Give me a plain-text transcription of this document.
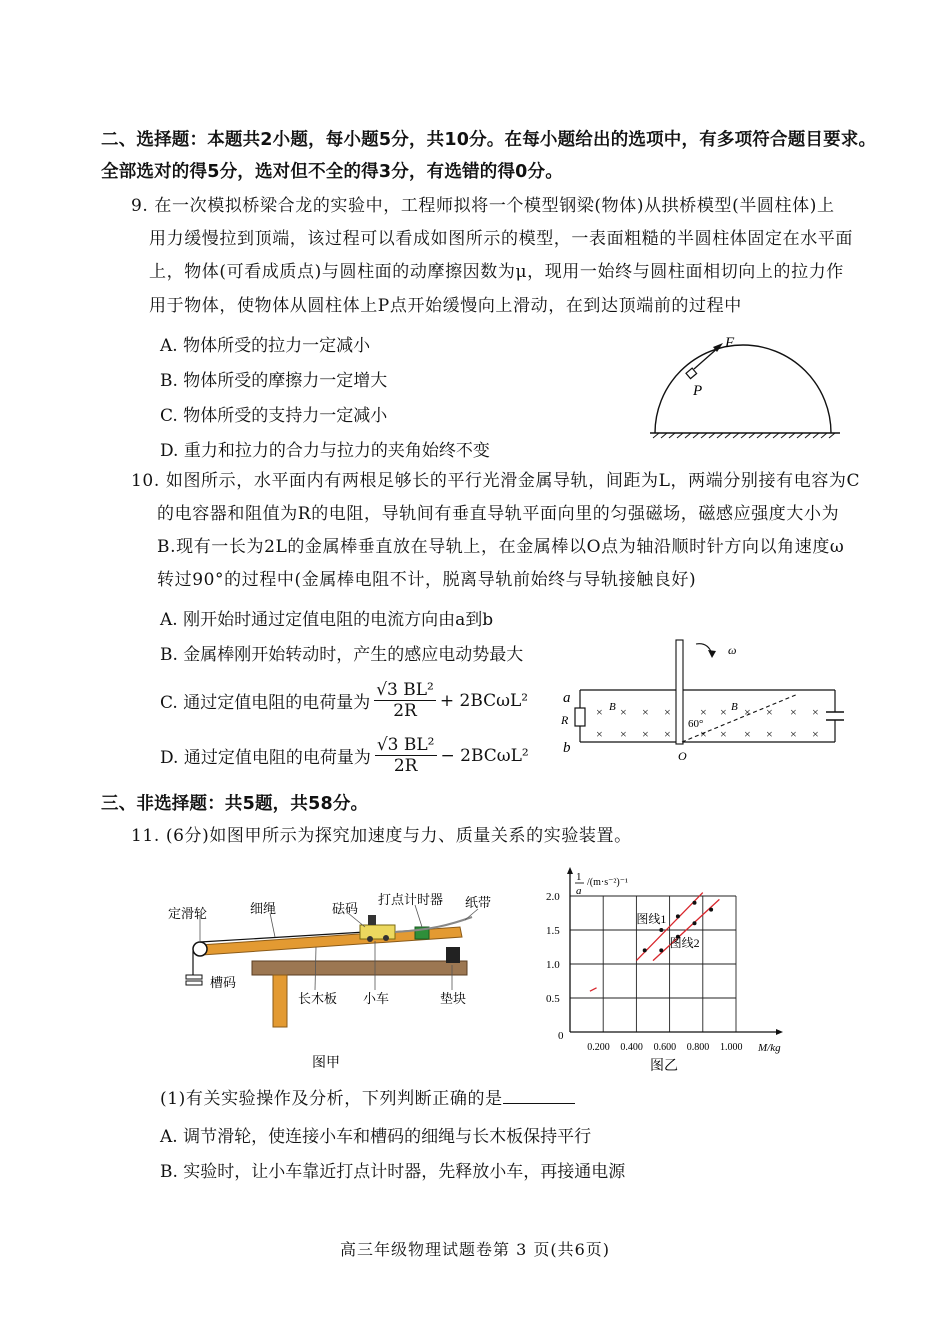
二、选择题：本题共2小题，每小题5分，共10分。在每小题给出的选项中，有多项符合题目要求。
全部选对的得5分，选对但不全的得3分，有选错的得0分。
9. 在一次模拟桥梁合龙的实验中，工程师拟将一个模型钢梁(物体)从拱桥模型(半圆柱体)上
用力缓慢拉到顶端，该过程可以看成如图所示的模型，一表面粗糙的半圆柱体固定在水平面
上，物体(可看成质点)与圆柱面的动摩擦因数为μ，现用一始终与圆柱面相切向上的拉力作
用于物体，使物体从圆柱体上P点开始缓慢向上滑动，在到达顶端前的过程中
A. 物体所受的拉力一定减小
B. 物体所受的摩擦力一定增大
C. 物体所受的支持力一定减小
D. 重力和拉力的合力与拉力的夹角始终不变
F
P
10. 如图所示，水平面内有两根足够长的平行光滑金属导轨，间距为L，两端分别接有电容为C
的电容器和阻值为R的电阻，导轨间有垂直导轨平面向里的匀强磁场，磁感应强度大小为
B.现有一长为2L的金属棒垂直放在导轨上，在金属棒以O点为轴沿顺时针方向以角速度ω
转过90°的过程中(金属棒电阻不计，脱离导轨前始终与导轨接触良好)
A. 刚开始时通过定值电阻的电流方向由a到b
B. 金属棒刚开始转动时，产生的感应电动势最大
C. 通过定值电阻的电荷量为 $\frac{\text{√3 BL²}}{2R} + 2BC\omega L^2$
D. 通过定值电阻的电荷量为 $\frac{\text{√3 BL²}}{2R} - 2BC\omega L^2$
ω
a
b
R
B	B
60°
O
× × × × × × × × × ×
× × × × × × × × × ×
三、非选择题：共5题，共58分。
11. (6分)如图甲所示为探究加速度与力、质量关系的实验装置。
定滑轮	细绳	砝码
打点计时器 纸带
槽码
长木板 小车	垫块
图甲
0.5
1.0
1.5
2.0
0.200 0.400 0.600 0.800 1.000
1
a
/(m·s⁻²)⁻¹
0
M/kg
图线1
图线2
图乙
(1)有关实验操作及分析，下列判断正确的是
A. 调节滑轮，使连接小车和槽码的细绳与长木板保持平行
B. 实验时，让小车靠近打点计时器，先释放小车，再接通电源
高三年级物理试题卷第 3 页(共6页)
